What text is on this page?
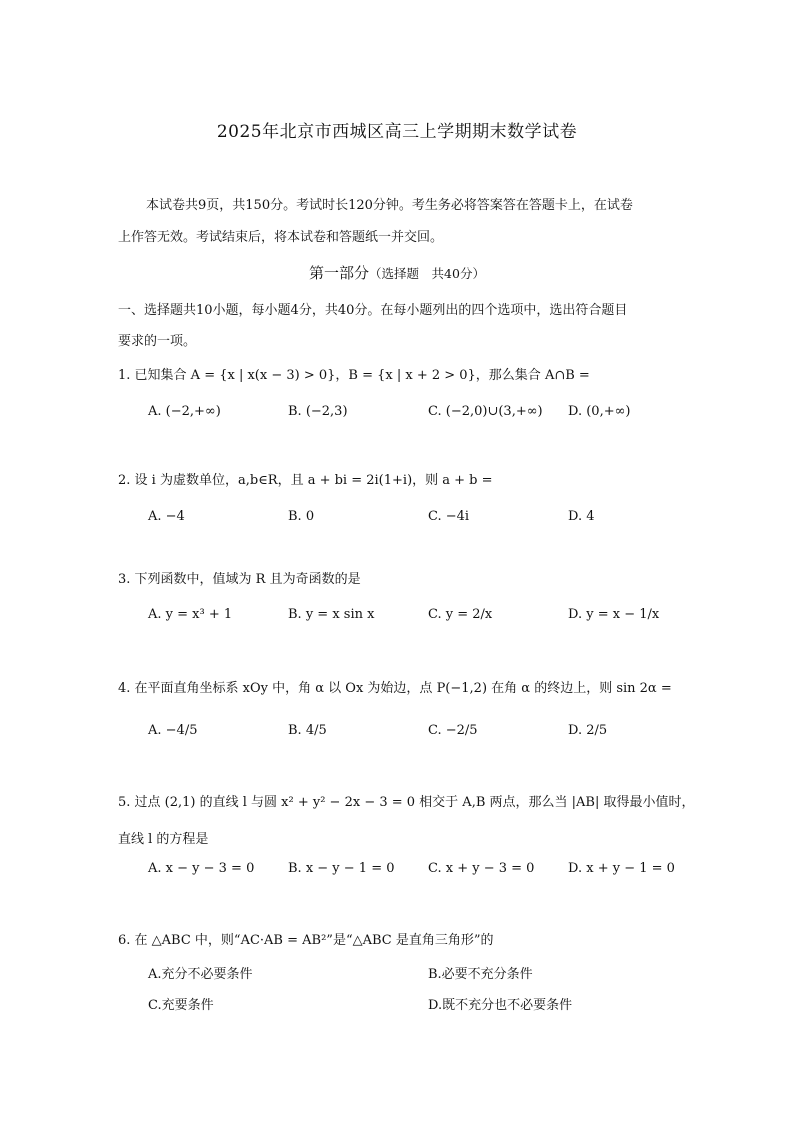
2025年北京市西城区高三上学期期末数学试卷
本试卷共9页，共150分。考试时长120分钟。考生务必将答案答在答题卡上，在试卷
上作答无效。考试结束后，将本试卷和答题纸一并交回。
第一部分（选择题　共40分）
一、选择题共10小题，每小题4分，共40分。在每小题列出的四个选项中，选出符合题目
要求的一项。
1. 已知集合 A = {x | x(x − 3) > 0}，B = {x | x + 2 > 0}，那么集合 A∩B =
A. (−2,+∞)	B. (−2,3)	C. (−2,0)∪(3,+∞) D. (0,+∞)
2. 设 i 为虚数单位，a,b∈R，且 a + bi = 2i(1+i)，则 a + b =
A. −4	B. 0	C. −4i	D. 4
3. 下列函数中，值域为 R 且为奇函数的是
A. y = x³ + 1	B. y = x sin x	C. y = 2/x	D. y = x − 1/x
4. 在平面直角坐标系 xOy 中，角 α 以 Ox 为始边，点 P(−1,2) 在角 α 的终边上，则 sin 2α =
A. −4/5	B. 4/5	C. −2/5	D. 2/5
5. 过点 (2,1) 的直线 l 与圆 x² + y² − 2x − 3 = 0 相交于 A,B 两点，那么当 |AB| 取得最小值时，
直线 l 的方程是
A. x − y − 3 = 0	B. x − y − 1 = 0	C. x + y − 3 = 0	D. x + y − 1 = 0
6. 在 △ABC 中，则“AC·AB = AB²”是“△ABC 是直角三角形”的
A.充分不必要条件	B.必要不充分条件
C.充要条件	D.既不充分也不必要条件
